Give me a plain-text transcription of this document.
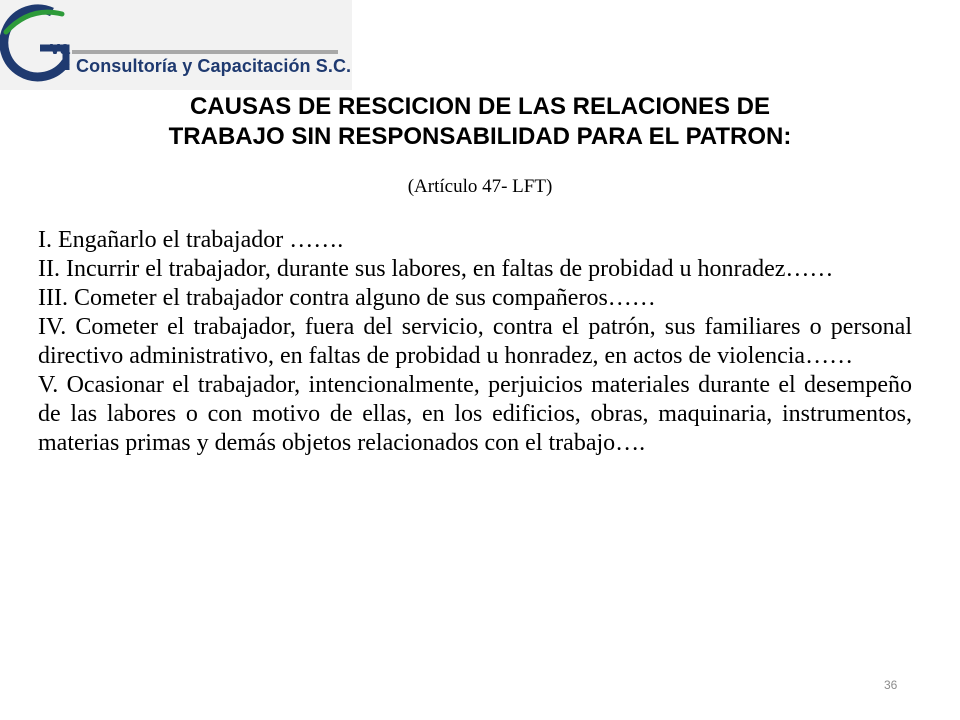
va
Consultoría y Capacitación S.C.
CAUSAS DE RESCICION DE LAS RELACIONES DE
TRABAJO SIN RESPONSABILIDAD PARA EL PATRON:
(Artículo 47- LFT)
I. Engañarlo el trabajador …….
II. Incurrir el trabajador, durante sus labores, en faltas de probidad u honradez……
III. Cometer el trabajador contra alguno de sus compañeros……
IV. Cometer el trabajador, fuera del servicio, contra el patrón, sus familiares o personal directivo administrativo, en faltas de probidad u honradez, en actos de violencia……
V. Ocasionar el trabajador, intencionalmente, perjuicios materiales durante el desempeño de las labores o con motivo de ellas, en los edificios, obras, maquinaria, instrumentos, materias primas y demás objetos relacionados con el trabajo….
36
